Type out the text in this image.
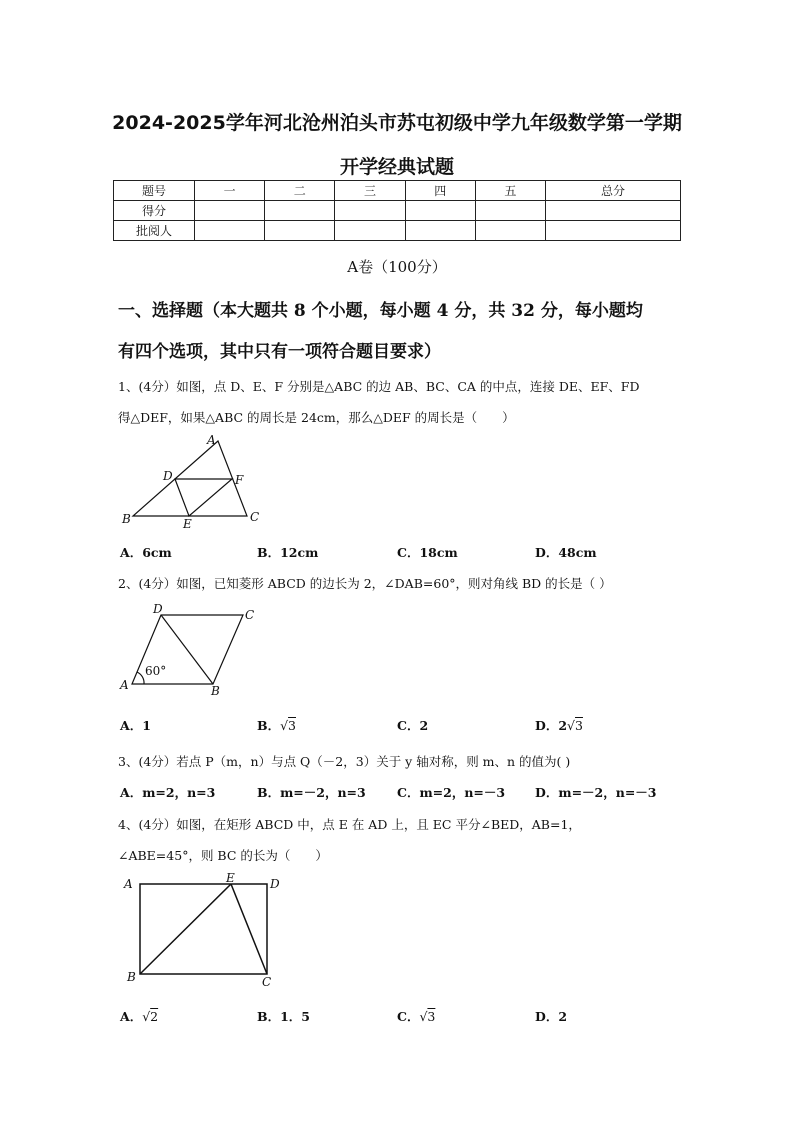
2024-2025学年河北沧州泊头市苏屯初级中学九年级数学第一学期
开学经典试题
题号	一	二	三	四	五	总分
得分						
批阅人						
A卷（100分）
一、选择题（本大题共 8 个小题，每小题 4 分，共 32 分，每小题均
有四个选项，其中只有一项符合题目要求）
1、(4分）如图，点 D、E、F 分别是△ABC 的边 AB、BC、CA 的中点，连接 DE、EF、FD
得△DEF，如果△ABC 的周长是 24cm，那么△DEF 的周长是（　　）
A
D	F
B	E	C
A．6cm	B．12cm	C．18cm	D．48cm
2、(4分）如图，已知菱形 ABCD 的边长为 2，∠DAB=60°，则对角线 BD 的长是（ ）
D	C
60°
A	B
A．1	B．√3	C．2	D．2√3
3、(4分）若点 P（m，n）与点 Q（－2，3）关于 y 轴对称，则 m、n 的值为( )
A．m=2，n=3	B．m=－2，n=3	C．m=2，n=－3 D．m=－2，n=－3
4、(4分）如图，在矩形 ABCD 中，点 E 在 AD 上，且 EC 平分∠BED，AB=1，
∠ABE=45°，则 BC 的长为（　　）
A	E	D
B	C
A．√2	B．1．5	C．√3	D．2
